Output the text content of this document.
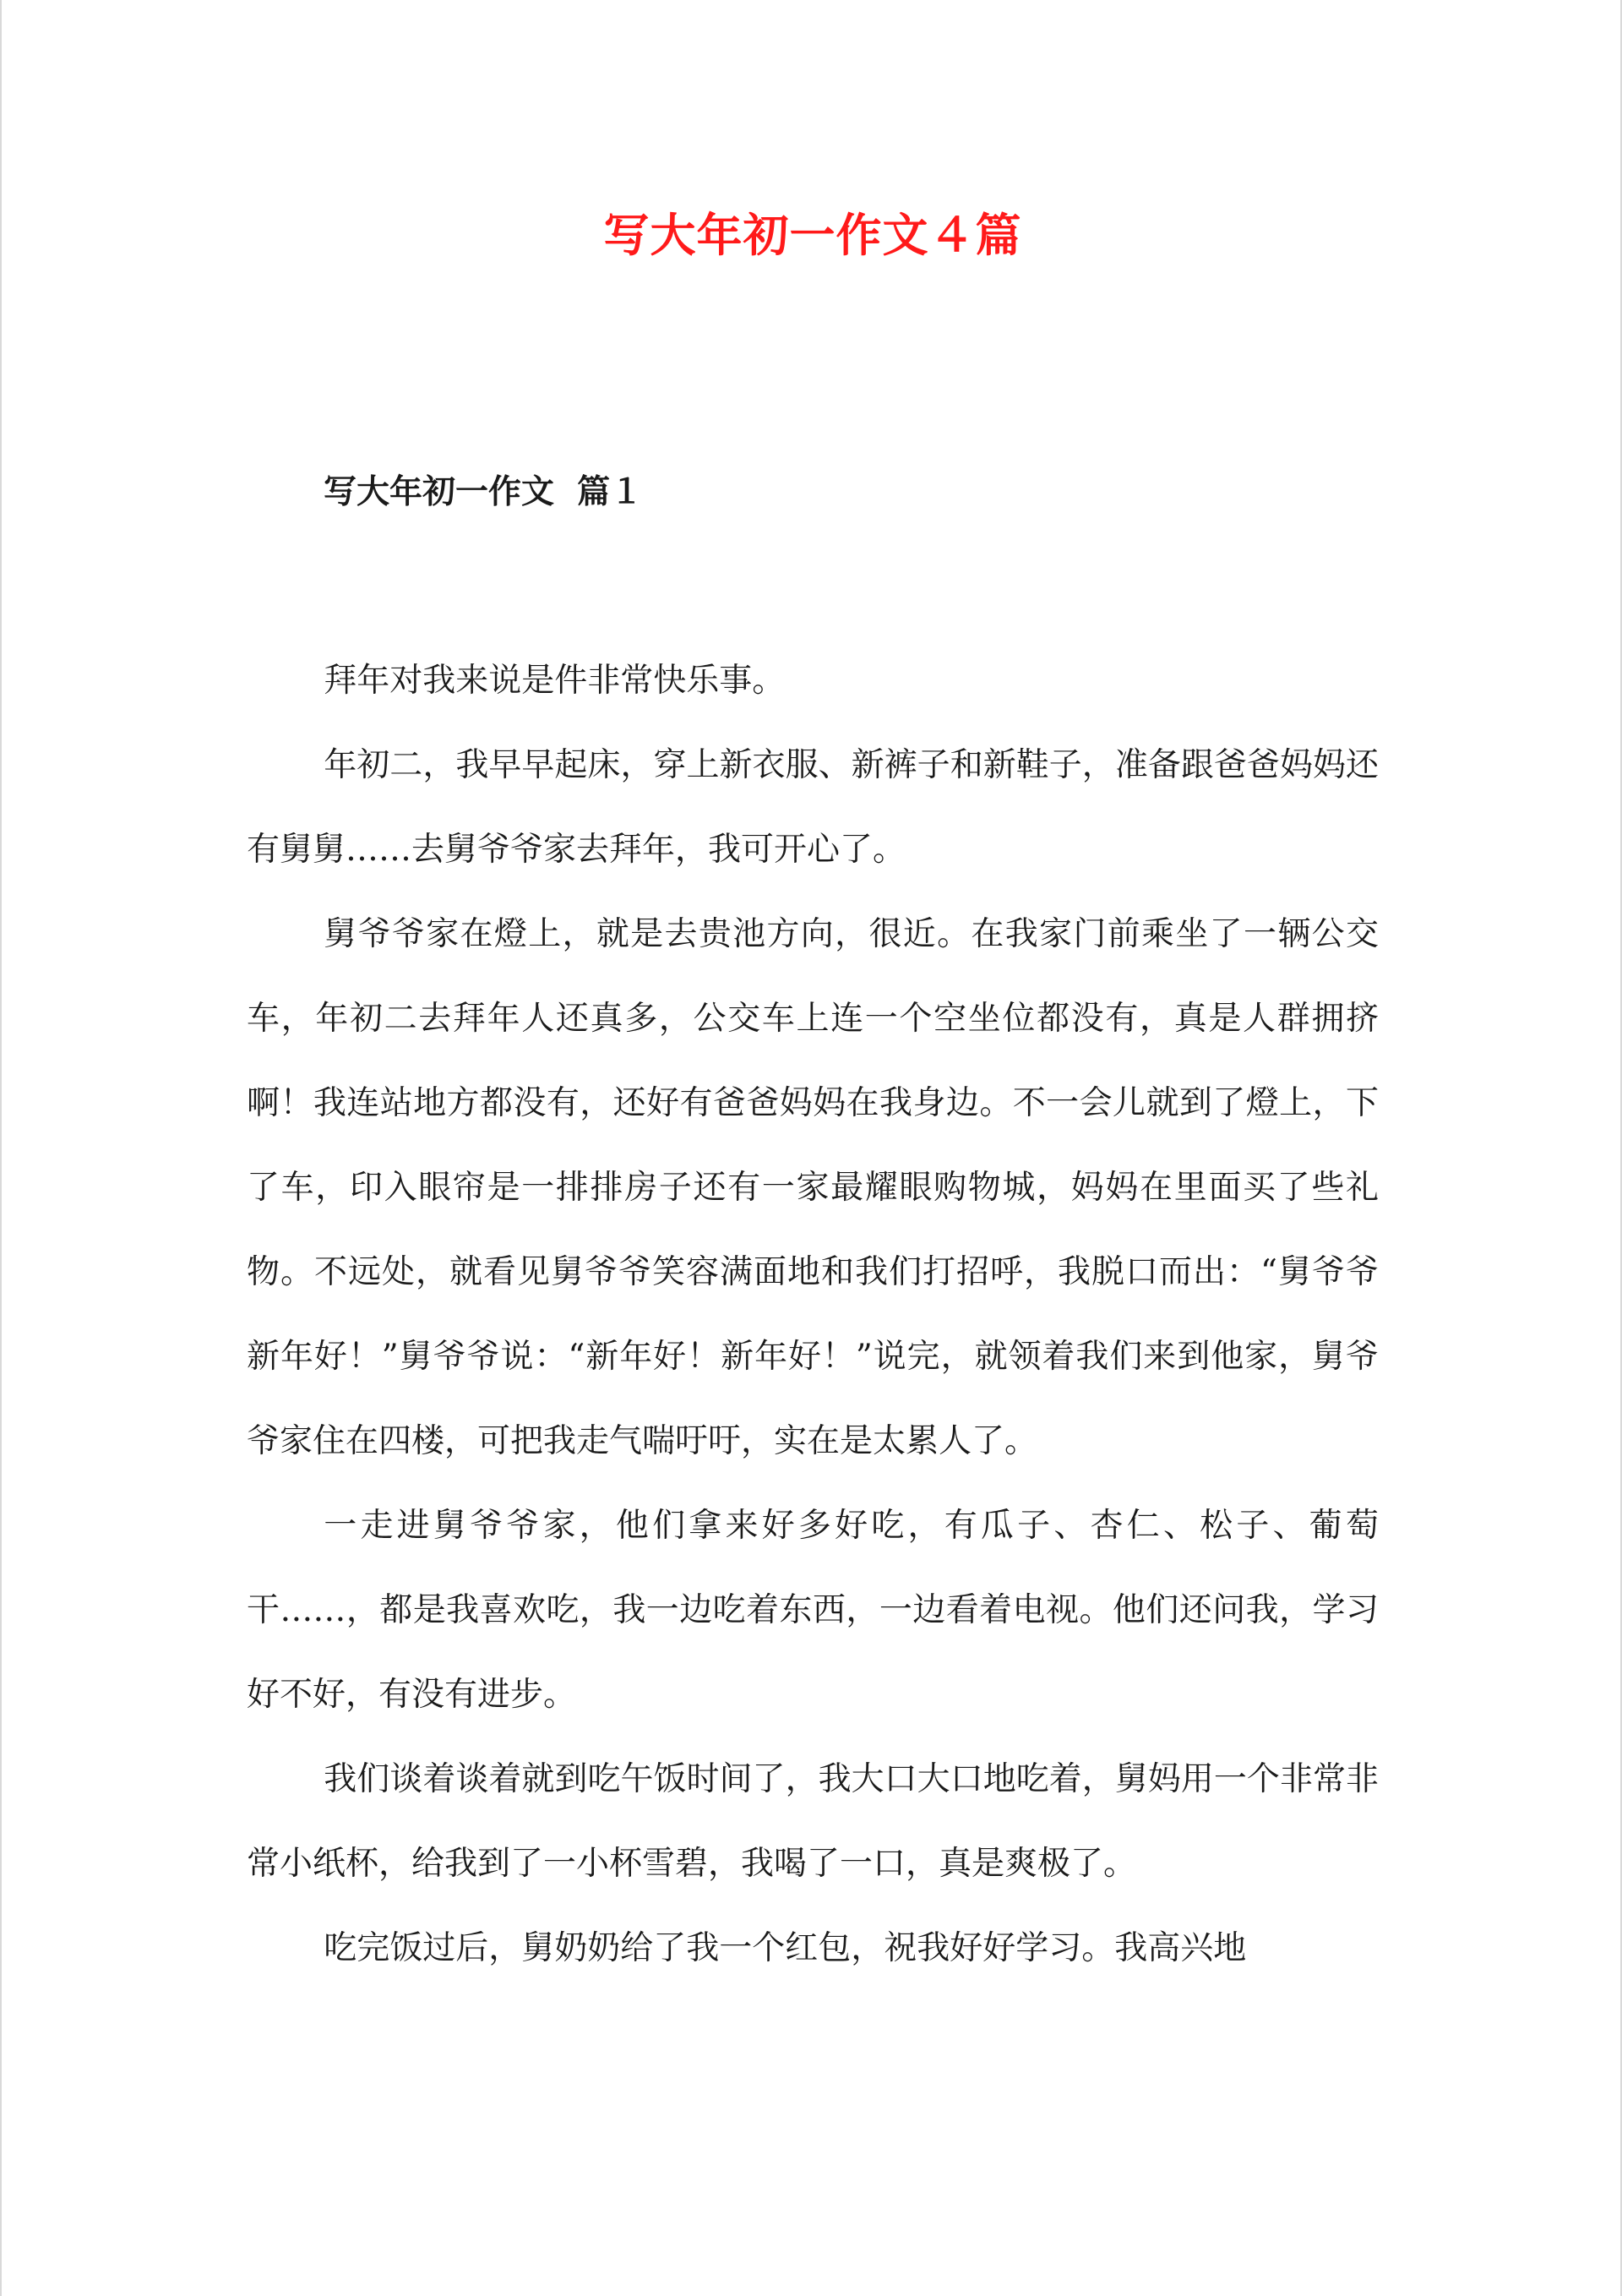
写大年初一作文４篇
写大年初一作文  篇１

拜年对我来说是件非常快乐事。

年初二，我早早起床，穿上新衣服、新裤子和新鞋子，准备跟爸爸妈妈还有舅舅……去舅爷爷家去拜年，我可开心了。

舅爷爷家在燈上，就是去贵池方向，很近。在我家门前乘坐了一辆公交车，年初二去拜年人还真多，公交车上连一个空坐位都没有，真是人群拥挤啊！我连站地方都没有，还好有爸爸妈妈在我身边。不一会儿就到了燈上，下了车，印入眼帘是一排排房子还有一家最耀眼购物城，妈妈在里面买了些礼物。不远处，就看见舅爷爷笑容满面地和我们打招呼，我脱口而出：“舅爷爷新年好！”舅爷爷说：“新年好！新年好！”说完，就领着我们来到他家，舅爷爷家住在四楼，可把我走气喘吁吁，实在是太累人了。

一走进舅爷爷家，他们拿来好多好吃，有瓜子、杏仁、松子、葡萄干……，都是我喜欢吃，我一边吃着东西，一边看着电视。他们还问我，学习好不好，有没有进步。

我们谈着谈着就到吃午饭时间了，我大口大口地吃着，舅妈用一个非常非常小纸杯，给我到了一小杯雪碧，我喝了一口，真是爽极了。

吃完饭过后，舅奶奶给了我一个红包，祝我好好学习。我高兴地
